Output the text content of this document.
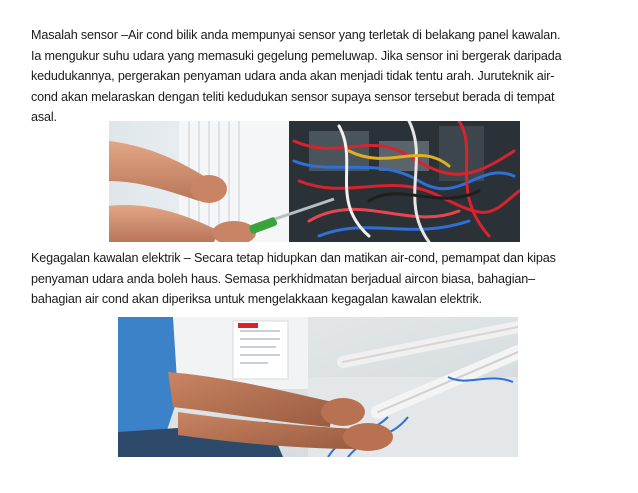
Masalah sensor –Air cond bilik anda mempunyai sensor yang terletak di belakang panel kawalan.
Ia mengukur suhu udara yang memasuki gegelung pemeluwap. Jika sensor ini bergerak daripada
kedudukannya, pergerakan penyaman udara anda akan menjadi tidak tentu arah. Juruteknik air-
cond akan melaraskan dengan teliti kedudukan sensor supaya sensor tersebut berada di tempat
asal.
Kegagalan kawalan elektrik – Secara tetap hidupkan dan matikan air-cond, pemampat dan kipas
penyaman udara anda boleh haus. Semasa perkhidmatan berjadual aircon biasa, bahagian–
bahagian air cond akan diperiksa untuk mengelakkaan kegagalan kawalan elektrik.
